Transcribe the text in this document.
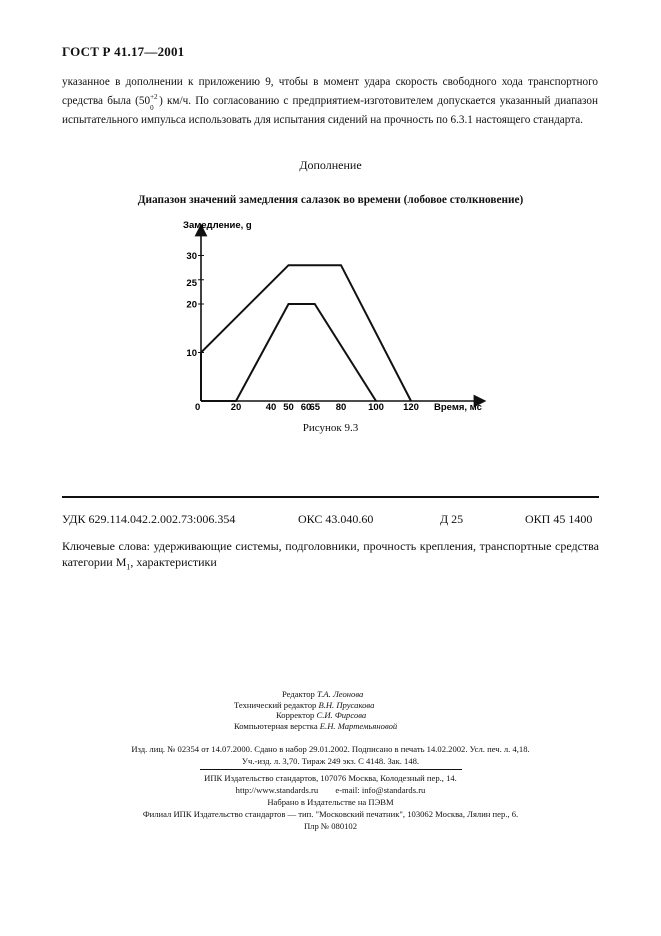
ГОСТ Р 41.17—2001
указанное в дополнении к приложению 9, чтобы в момент удара скорость свободного хода транспортного средства была (50 +2
0
) км/ч. По согласованию с предприятием-изготовителем допускается указанный диапазон испытательного импульса использовать для испытания сидений на прочность по 6.3.1 настоящего стандарта.
Дополнение
Диапазон значений замедления салазок во времени (лобовое столкновение)
Замедление, g
Время, мс
0
10
20
25
30
20	40 50 60
65 80 100 120
Рисунок 9.3
УДК 629.114.042.2.002.73:006.354	ОКС 43.040.60	Д 25	ОКП 45 1400
Ключевые слова: удерживающие системы, подголовники, прочность крепления, транспортные средства категории $М_1$, характеристики
Редактор Т.А. Леонова
Технический редактор В.Н. Прусакова
Корректор С.И. Фирсова
Компьютерная верстка Е.Н. Мартемьяновой
Изд. лиц. № 02354 от 14.07.2000. Сдано в набор 29.01.2002. Подписано в печать 14.02.2002. Усл. печ. л. 4,18.
Уч.-изд. л. 3,70. Тираж 249 экз. С 4148. Зак. 148.
ИПК Издательство стандартов, 107076 Москва, Колодезный пер., 14.
http://www.standards.ru e-mail: info@standards.ru
Набрано в Издательстве на ПЭВМ
Филиал ИПК Издательство стандартов — тип. "Московский печатник", 103062 Москва, Лялин пер., 6.
Плр № 080102
